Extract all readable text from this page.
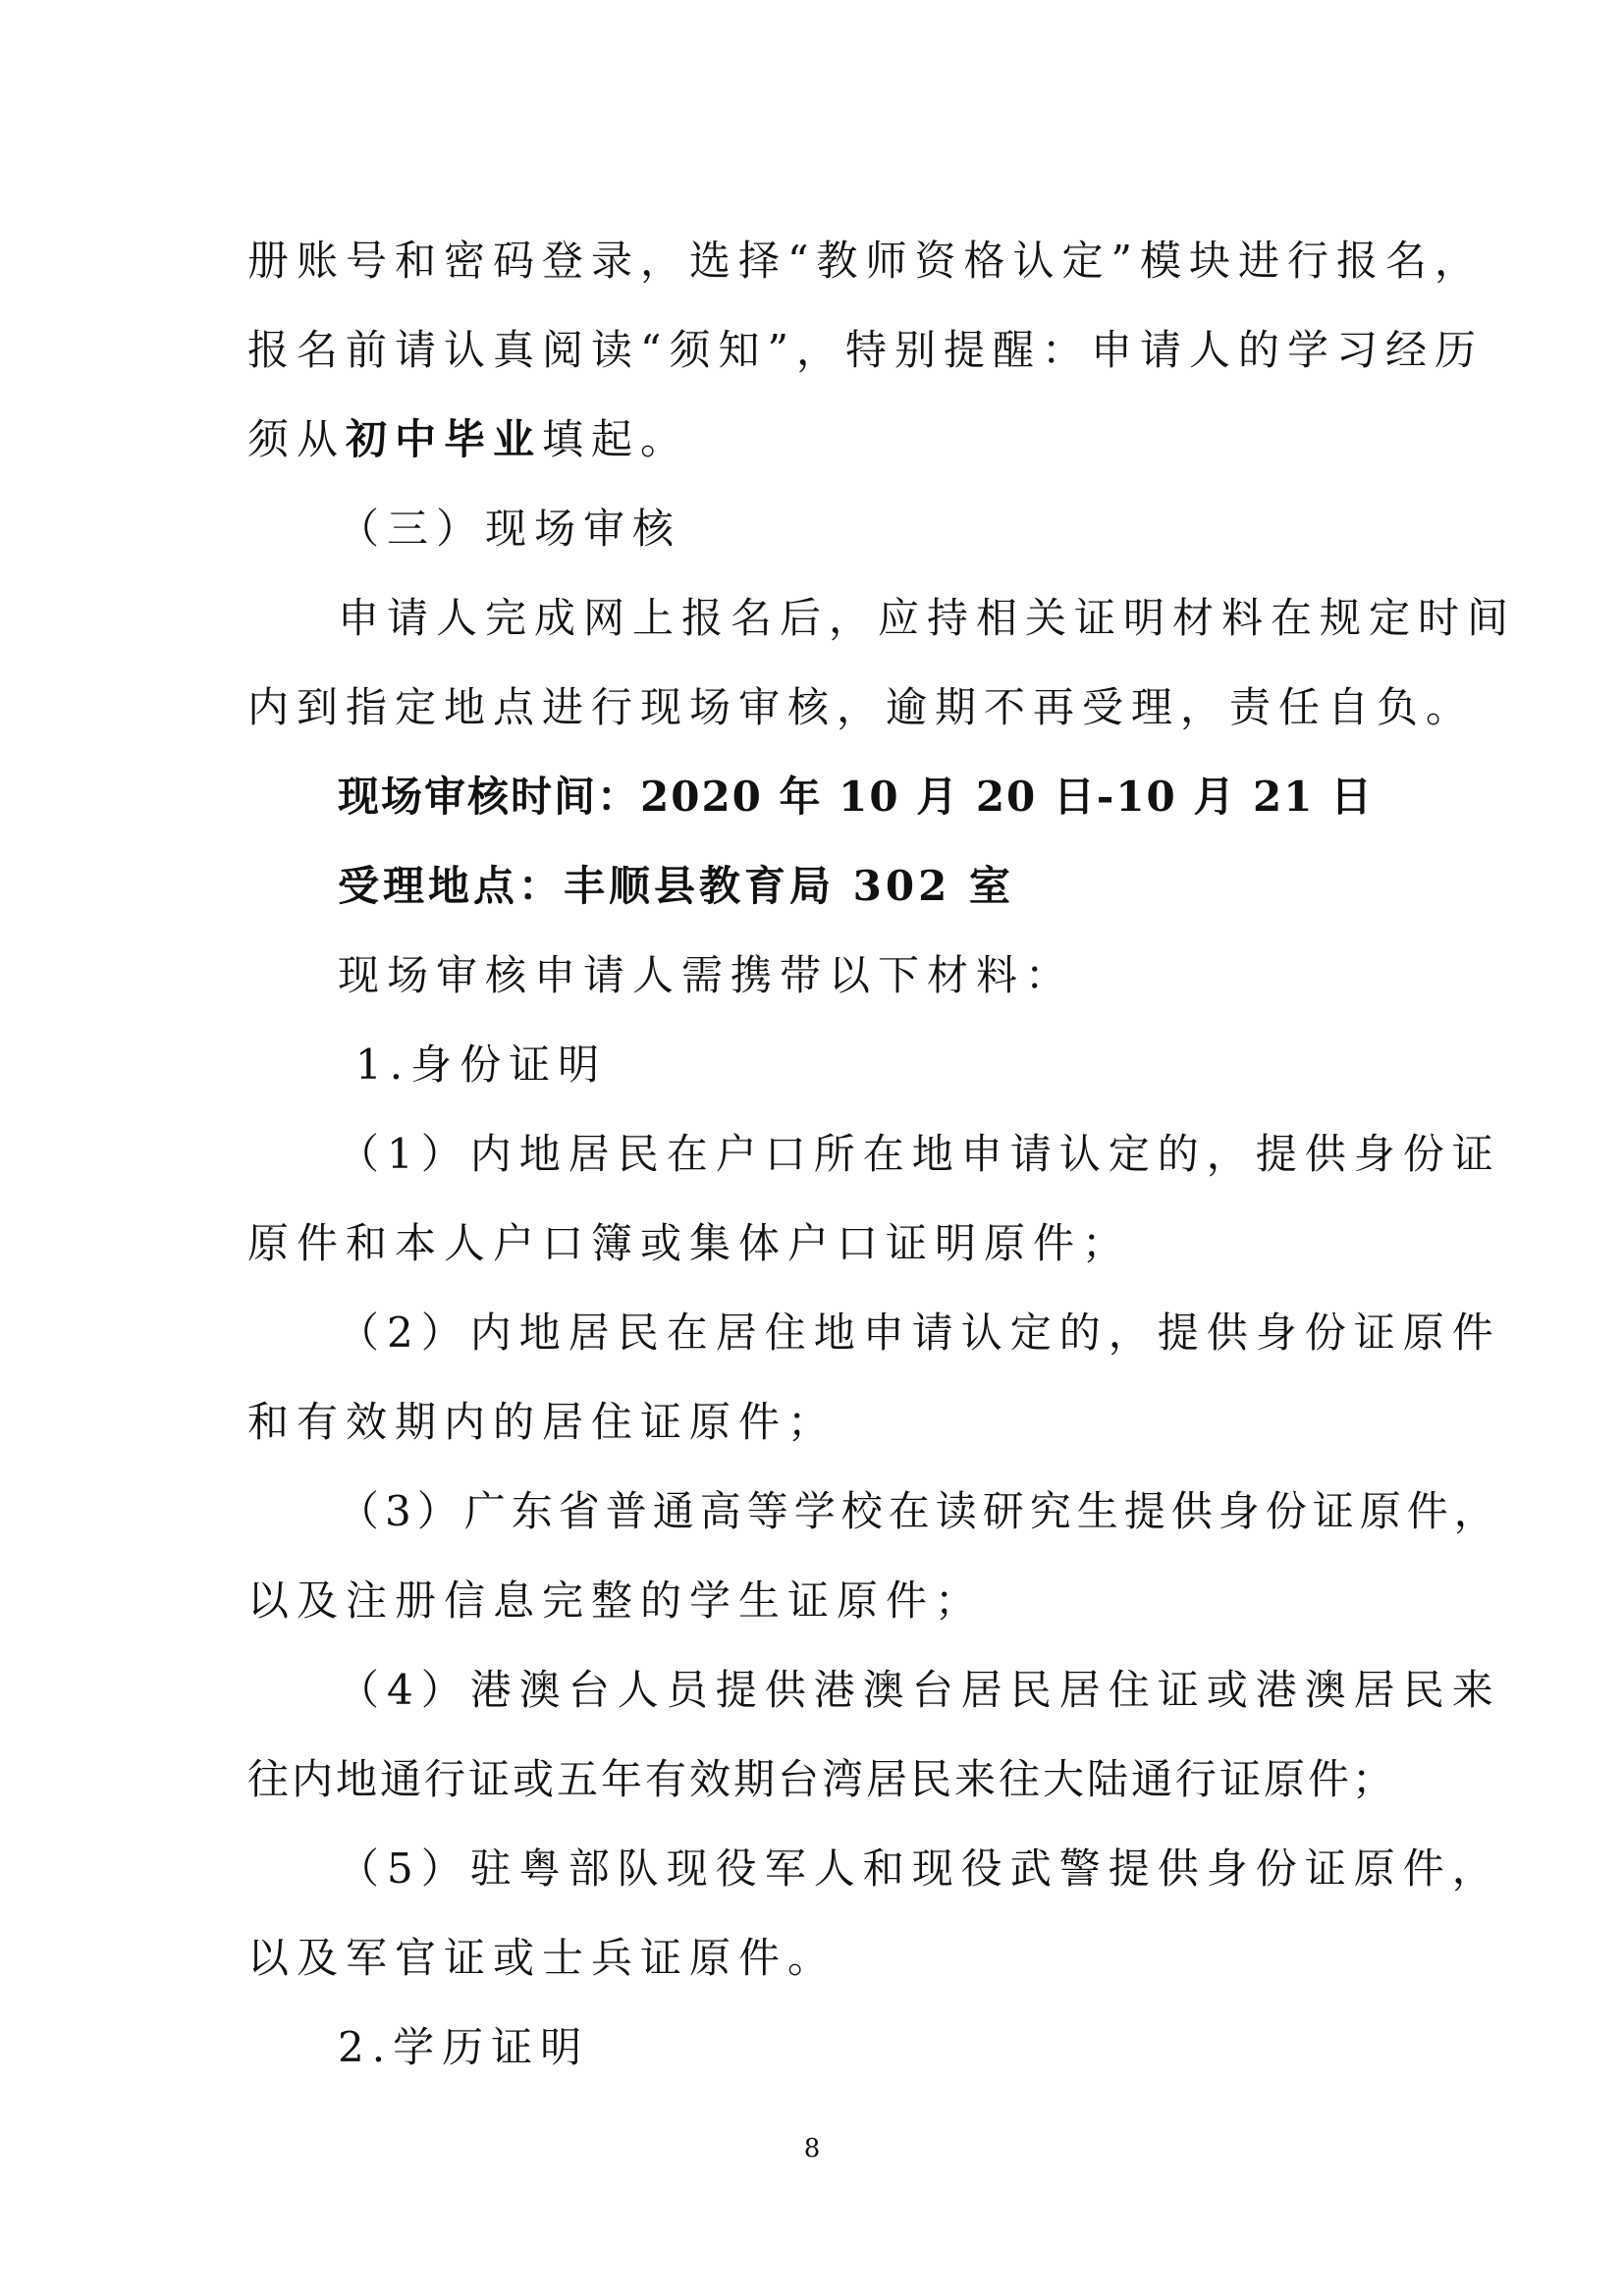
册账号和密码登录，选择“教师资格认定”模块进行报名，
报名前请认真阅读“须知”，特别提醒：申请人的学习经历
须从初中毕业填起。
（三）现场审核
申请人完成网上报名后，应持相关证明材料在规定时间
内到指定地点进行现场审核，逾期不再受理，责任自负。
现场审核时间：2020 年 10 月 20 日-10 月 21 日
受理地点：丰顺县教育局 302 室
现场审核申请人需携带以下材料：
1.身份证明
（1）内地居民在户口所在地申请认定的，提供身份证
原件和本人户口簿或集体户口证明原件；
（2）内地居民在居住地申请认定的，提供身份证原件
和有效期内的居住证原件；
（3）广东省普通高等学校在读研究生提供身份证原件，
以及注册信息完整的学生证原件；
（4）港澳台人员提供港澳台居民居住证或港澳居民来
往内地通行证或五年有效期台湾居民来往大陆通行证原件；
（5）驻粤部队现役军人和现役武警提供身份证原件，
以及军官证或士兵证原件。
2.学历证明
8
